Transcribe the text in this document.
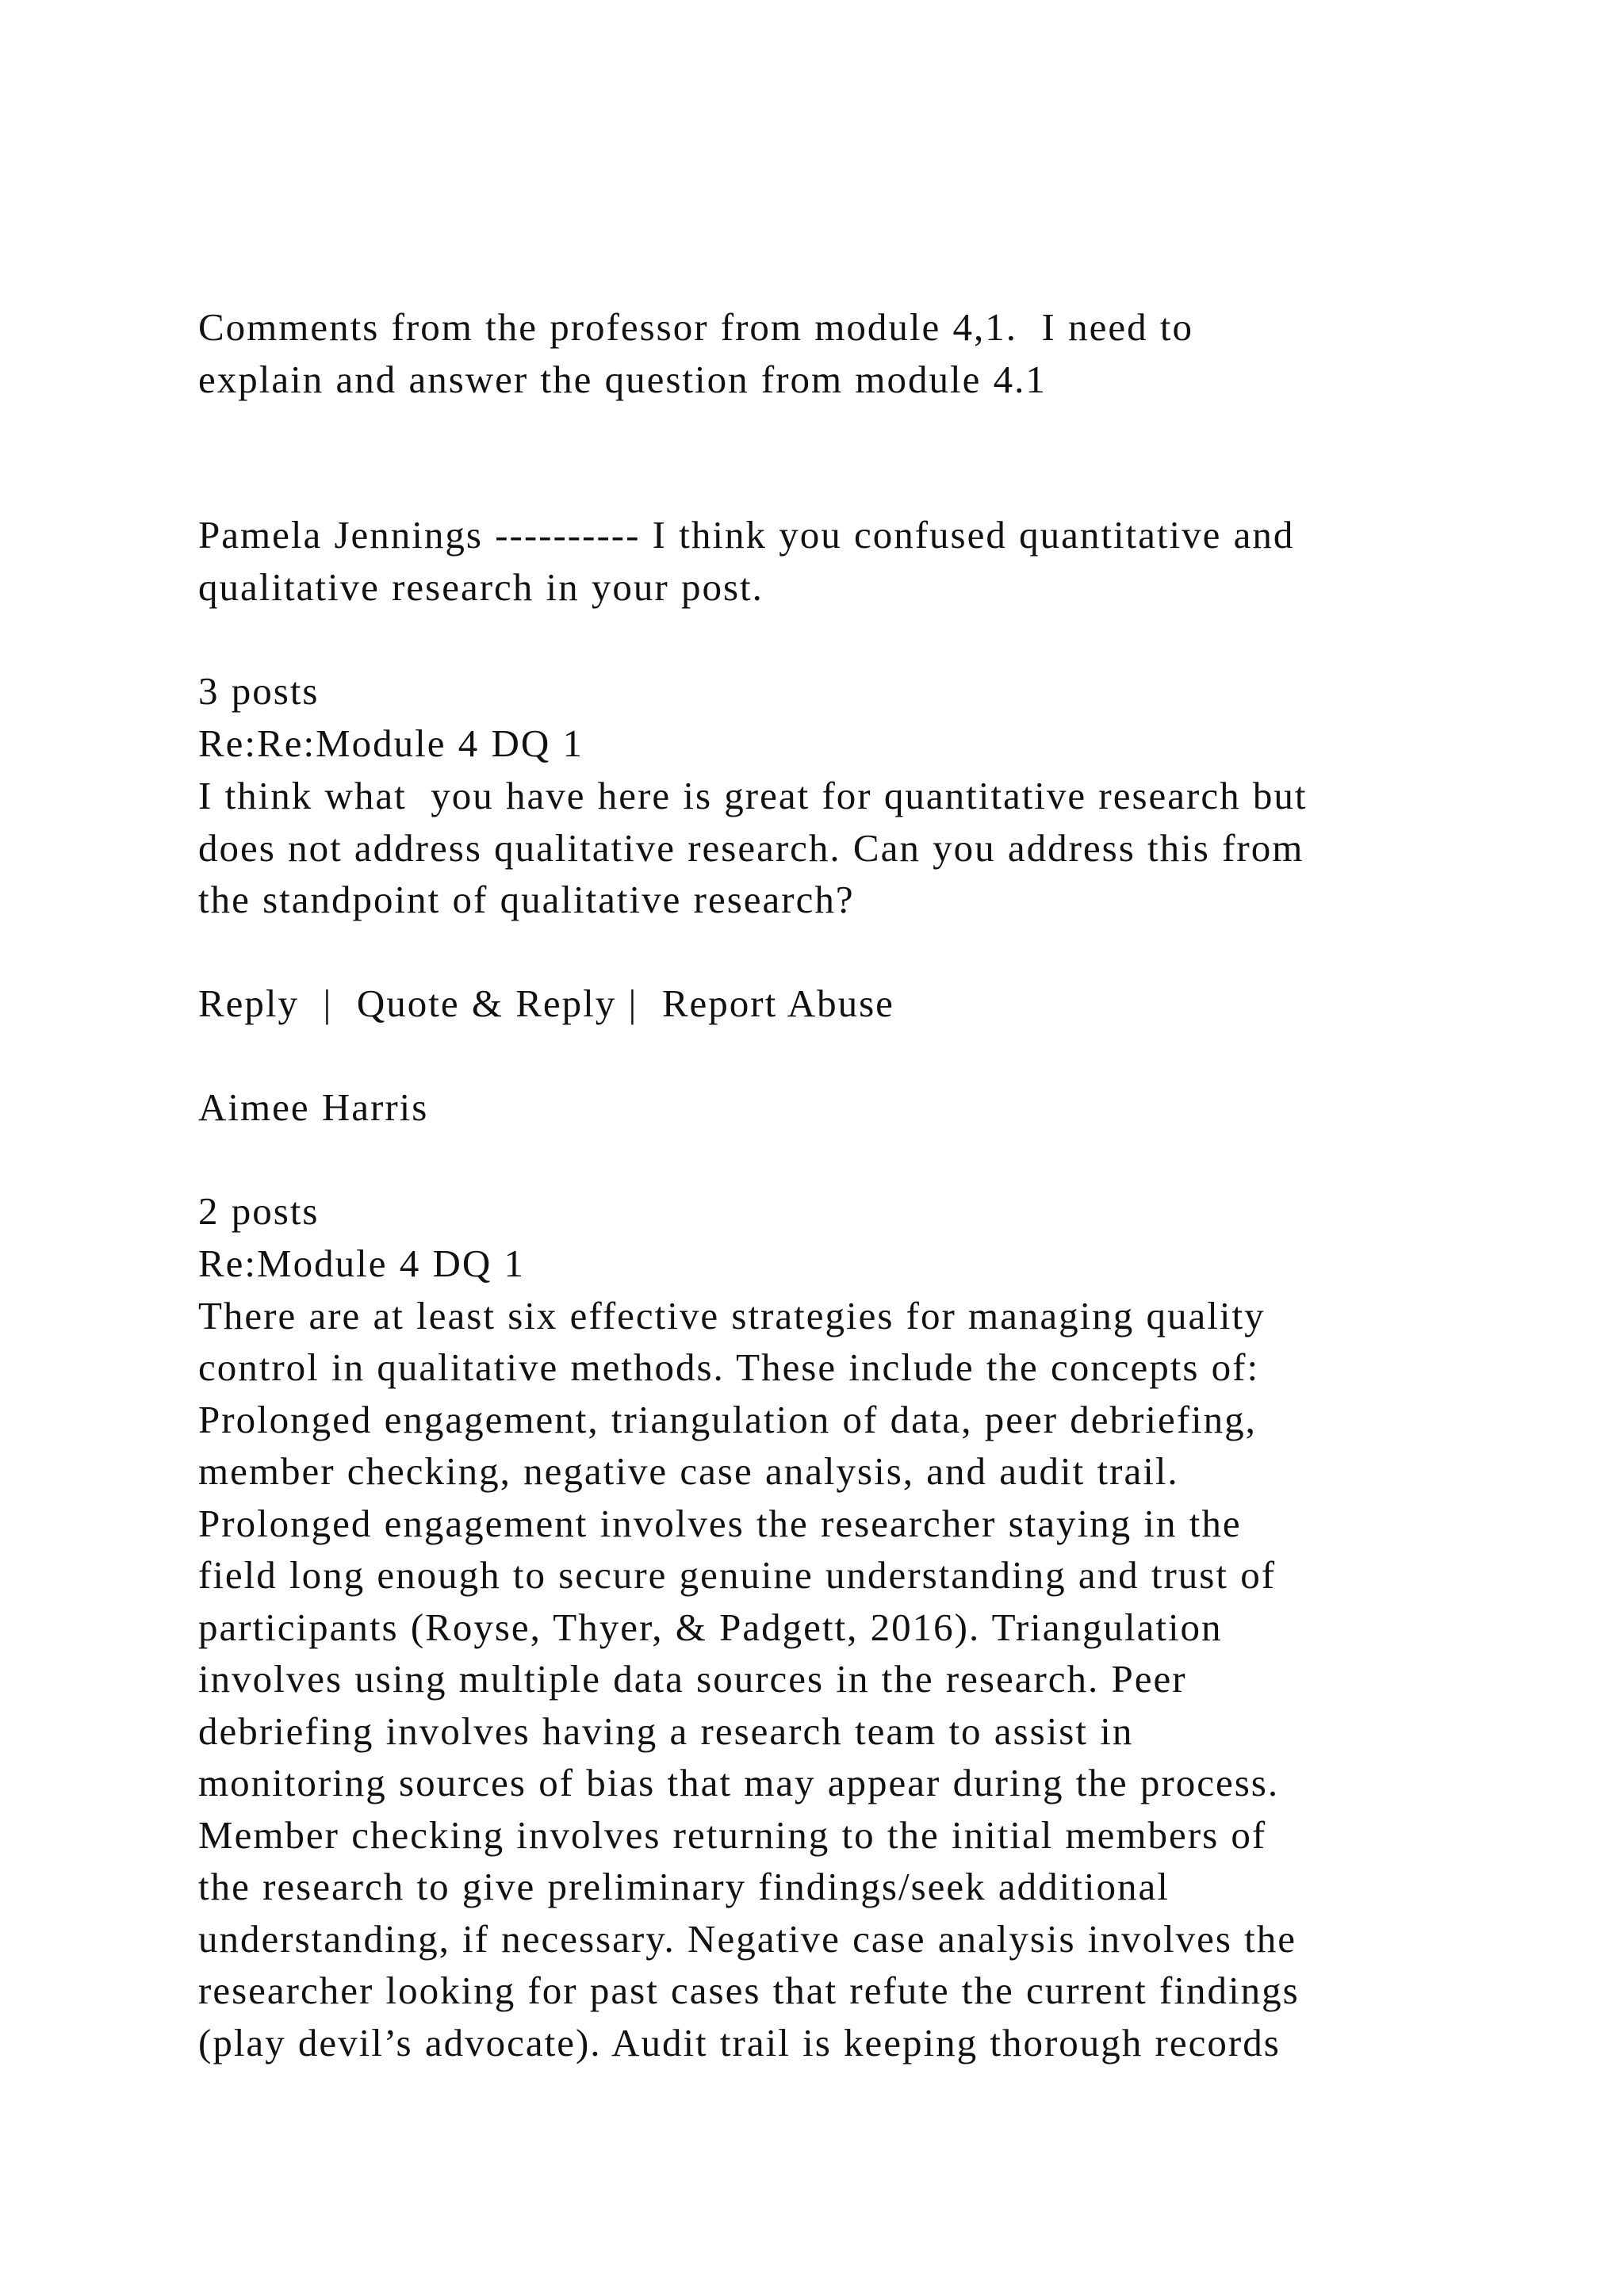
Comments from the professor from module 4,1.  I need to

explain and answer the question from module 4.1

Pamela Jennings ---------- I think you confused quantitative and

qualitative research in your post.

3 posts

Re:Re:Module 4 DQ 1

I think what  you have here is great for quantitative research but

does not address qualitative research. Can you address this from

the standpoint of qualitative research?

Reply  |  Quote & Reply |  Report Abuse

Aimee Harris

2 posts

Re:Module 4 DQ 1

There are at least six effective strategies for managing quality

control in qualitative methods. These include the concepts of:

Prolonged engagement, triangulation of data, peer debriefing,

member checking, negative case analysis, and audit trail.

Prolonged engagement involves the researcher staying in the

field long enough to secure genuine understanding and trust of

participants (Royse, Thyer, & Padgett, 2016). Triangulation

involves using multiple data sources in the research. Peer

debriefing involves having a research team to assist in

monitoring sources of bias that may appear during the process.

Member checking involves returning to the initial members of

the research to give preliminary findings/seek additional

understanding, if necessary. Negative case analysis involves the

researcher looking for past cases that refute the current findings

(play devil’s advocate). Audit trail is keeping thorough records
